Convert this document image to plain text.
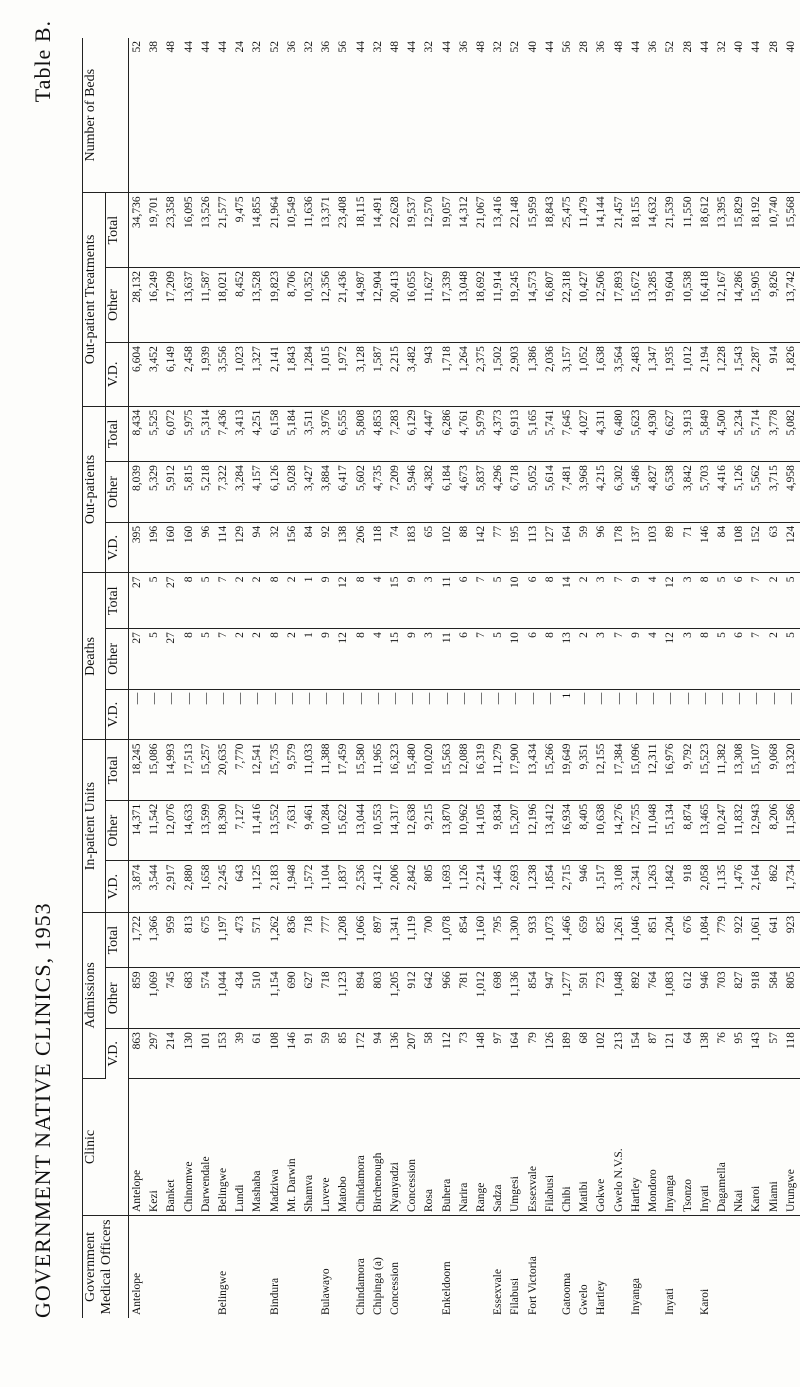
GOVERNMENT NATIVE CLINICS, 1953
Table B.
Government Medical Officers	Clinic	Admissions			In-patient Units			Deaths			Out-patients			Out-patient Treatments			Number of Beds
		V.D.	Other	Total	V.D.	Other	Total	V.D.	Other	Total	V.D.	Other	Total	V.D.	Other	Total	
Antelope	Antelope	863	859	1,722	3,874	14,371	18,245	—	27	27	395	8,039	8,434	6,604	28,132	34,736	52
	Kezi	297	1,069	1,366	3,544	11,542	15,086	—	5	5	196	5,329	5,525	3,452	16,249	19,701	38
	Banket	214	745	959	2,917	12,076	14,993	—	27	27	160	5,912	6,072	6,149	17,209	23,358	48
	Chinomwe	130	683	813	2,880	14,633	17,513	—	8	8	160	5,815	5,975	2,458	13,637	16,095	44
	Darwendale	101	574	675	1,658	13,599	15,257	—	5	5	96	5,218	5,314	1,939	11,587	13,526	44
Belingwe	Belingwe	153	1,044	1,197	2,245	18,390	20,635	—	7	7	114	7,322	7,436	3,556	18,021	21,577	44
	Lundi	39	434	473	643	7,127	7,770	—	2	2	129	3,284	3,413	1,023	8,452	9,475	24
	Mashaba	61	510	571	1,125	11,416	12,541	—	2	2	94	4,157	4,251	1,327	13,528	14,855	32
Bindura	Madziwa	108	1,154	1,262	2,183	13,552	15,735	—	8	8	32	6,126	6,158	2,141	19,823	21,964	52
	Mt. Darwin	146	690	836	1,948	7,631	9,579	—	2	2	156	5,028	5,184	1,843	8,706	10,549	36
	Shamva	91	627	718	1,572	9,461	11,033	—	1	1	84	3,427	3,511	1,284	10,352	11,636	32
Bulawayo	Luveve	59	718	777	1,104	10,284	11,388	—	9	9	92	3,884	3,976	1,015	12,356	13,371	36
	Matobo	85	1,123	1,208	1,837	15,622	17,459	—	12	12	138	6,417	6,555	1,972	21,436	23,408	56
Chindamora	Chindamora	172	894	1,066	2,536	13,044	15,580	—	8	8	206	5,602	5,808	3,128	14,987	18,115	44
Chipinga (a)	Birchenough	94	803	897	1,412	10,553	11,965	—	4	4	118	4,735	4,853	1,587	12,904	14,491	32
Concession	Nyanyadzi	136	1,205	1,341	2,006	14,317	16,323	—	15	15	74	7,209	7,283	2,215	20,413	22,628	48
	Concession	207	912	1,119	2,842	12,638	15,480	—	9	9	183	5,946	6,129	3,482	16,055	19,537	44
	Rosa	58	642	700	805	9,215	10,020	—	3	3	65	4,382	4,447	943	11,627	12,570	32
Enkeldoorn	Buhera	112	966	1,078	1,693	13,870	15,563	—	11	11	102	6,184	6,286	1,718	17,339	19,057	44
	Narira	73	781	854	1,126	10,962	12,088	—	6	6	88	4,673	4,761	1,264	13,048	14,312	36
	Range	148	1,012	1,160	2,214	14,105	16,319	—	7	7	142	5,837	5,979	2,375	18,692	21,067	48
Essexvale	Sadza	97	698	795	1,445	9,834	11,279	—	5	5	77	4,296	4,373	1,502	11,914	13,416	32
Filabusi	Umgesi	164	1,136	1,300	2,693	15,207	17,900	—	10	10	195	6,718	6,913	2,903	19,245	22,148	52
Fort Victoria	Essexvale	79	854	933	1,238	12,196	13,434	—	6	6	113	5,052	5,165	1,386	14,573	15,959	40
	Filabusi	126	947	1,073	1,854	13,412	15,266	—	8	8	127	5,614	5,741	2,036	16,807	18,843	44
Gatooma	Chibi	189	1,277	1,466	2,715	16,934	19,649	1	13	14	164	7,481	7,645	3,157	22,318	25,475	56
Gwelo	Matibi	68	591	659	946	8,405	9,351	—	2	2	59	3,968	4,027	1,052	10,427	11,479	28
Hartley	Gokwe	102	723	825	1,517	10,638	12,155	—	3	3	96	4,215	4,311	1,638	12,506	14,144	36
	Gwelo N.V.S.	213	1,048	1,261	3,108	14,276	17,384	—	7	7	178	6,302	6,480	3,564	17,893	21,457	48
Inyanga	Hartley	154	892	1,046	2,341	12,755	15,096	—	9	9	137	5,486	5,623	2,483	15,672	18,155	44
	Mondoro	87	764	851	1,263	11,048	12,311	—	4	4	103	4,827	4,930	1,347	13,285	14,632	36
Inyati	Inyanga	121	1,083	1,204	1,842	15,134	16,976	—	12	12	89	6,538	6,627	1,935	19,604	21,539	52
	Tsonzo	64	612	676	918	8,874	9,792	—	3	3	71	3,842	3,913	1,012	10,538	11,550	28
Karoi	Inyati	138	946	1,084	2,058	13,465	15,523	—	8	8	146	5,703	5,849	2,194	16,418	18,612	44
	Dagamella	76	703	779	1,135	10,247	11,382	—	5	5	84	4,416	4,500	1,228	12,167	13,395	32
	Nkai	95	827	922	1,476	11,832	13,308	—	6	6	108	5,126	5,234	1,543	14,286	15,829	40
	Karoi	143	918	1,061	2,164	12,943	15,107	—	7	7	152	5,562	5,714	2,287	15,905	18,192	44
	Miami	57	584	641	862	8,206	9,068	—	2	2	63	3,715	3,778	914	9,826	10,740	28
	Urungwe	118	805	923	1,734	11,586	13,320	—	5	5	124	4,958	5,082	1,826	13,742	15,568	40
